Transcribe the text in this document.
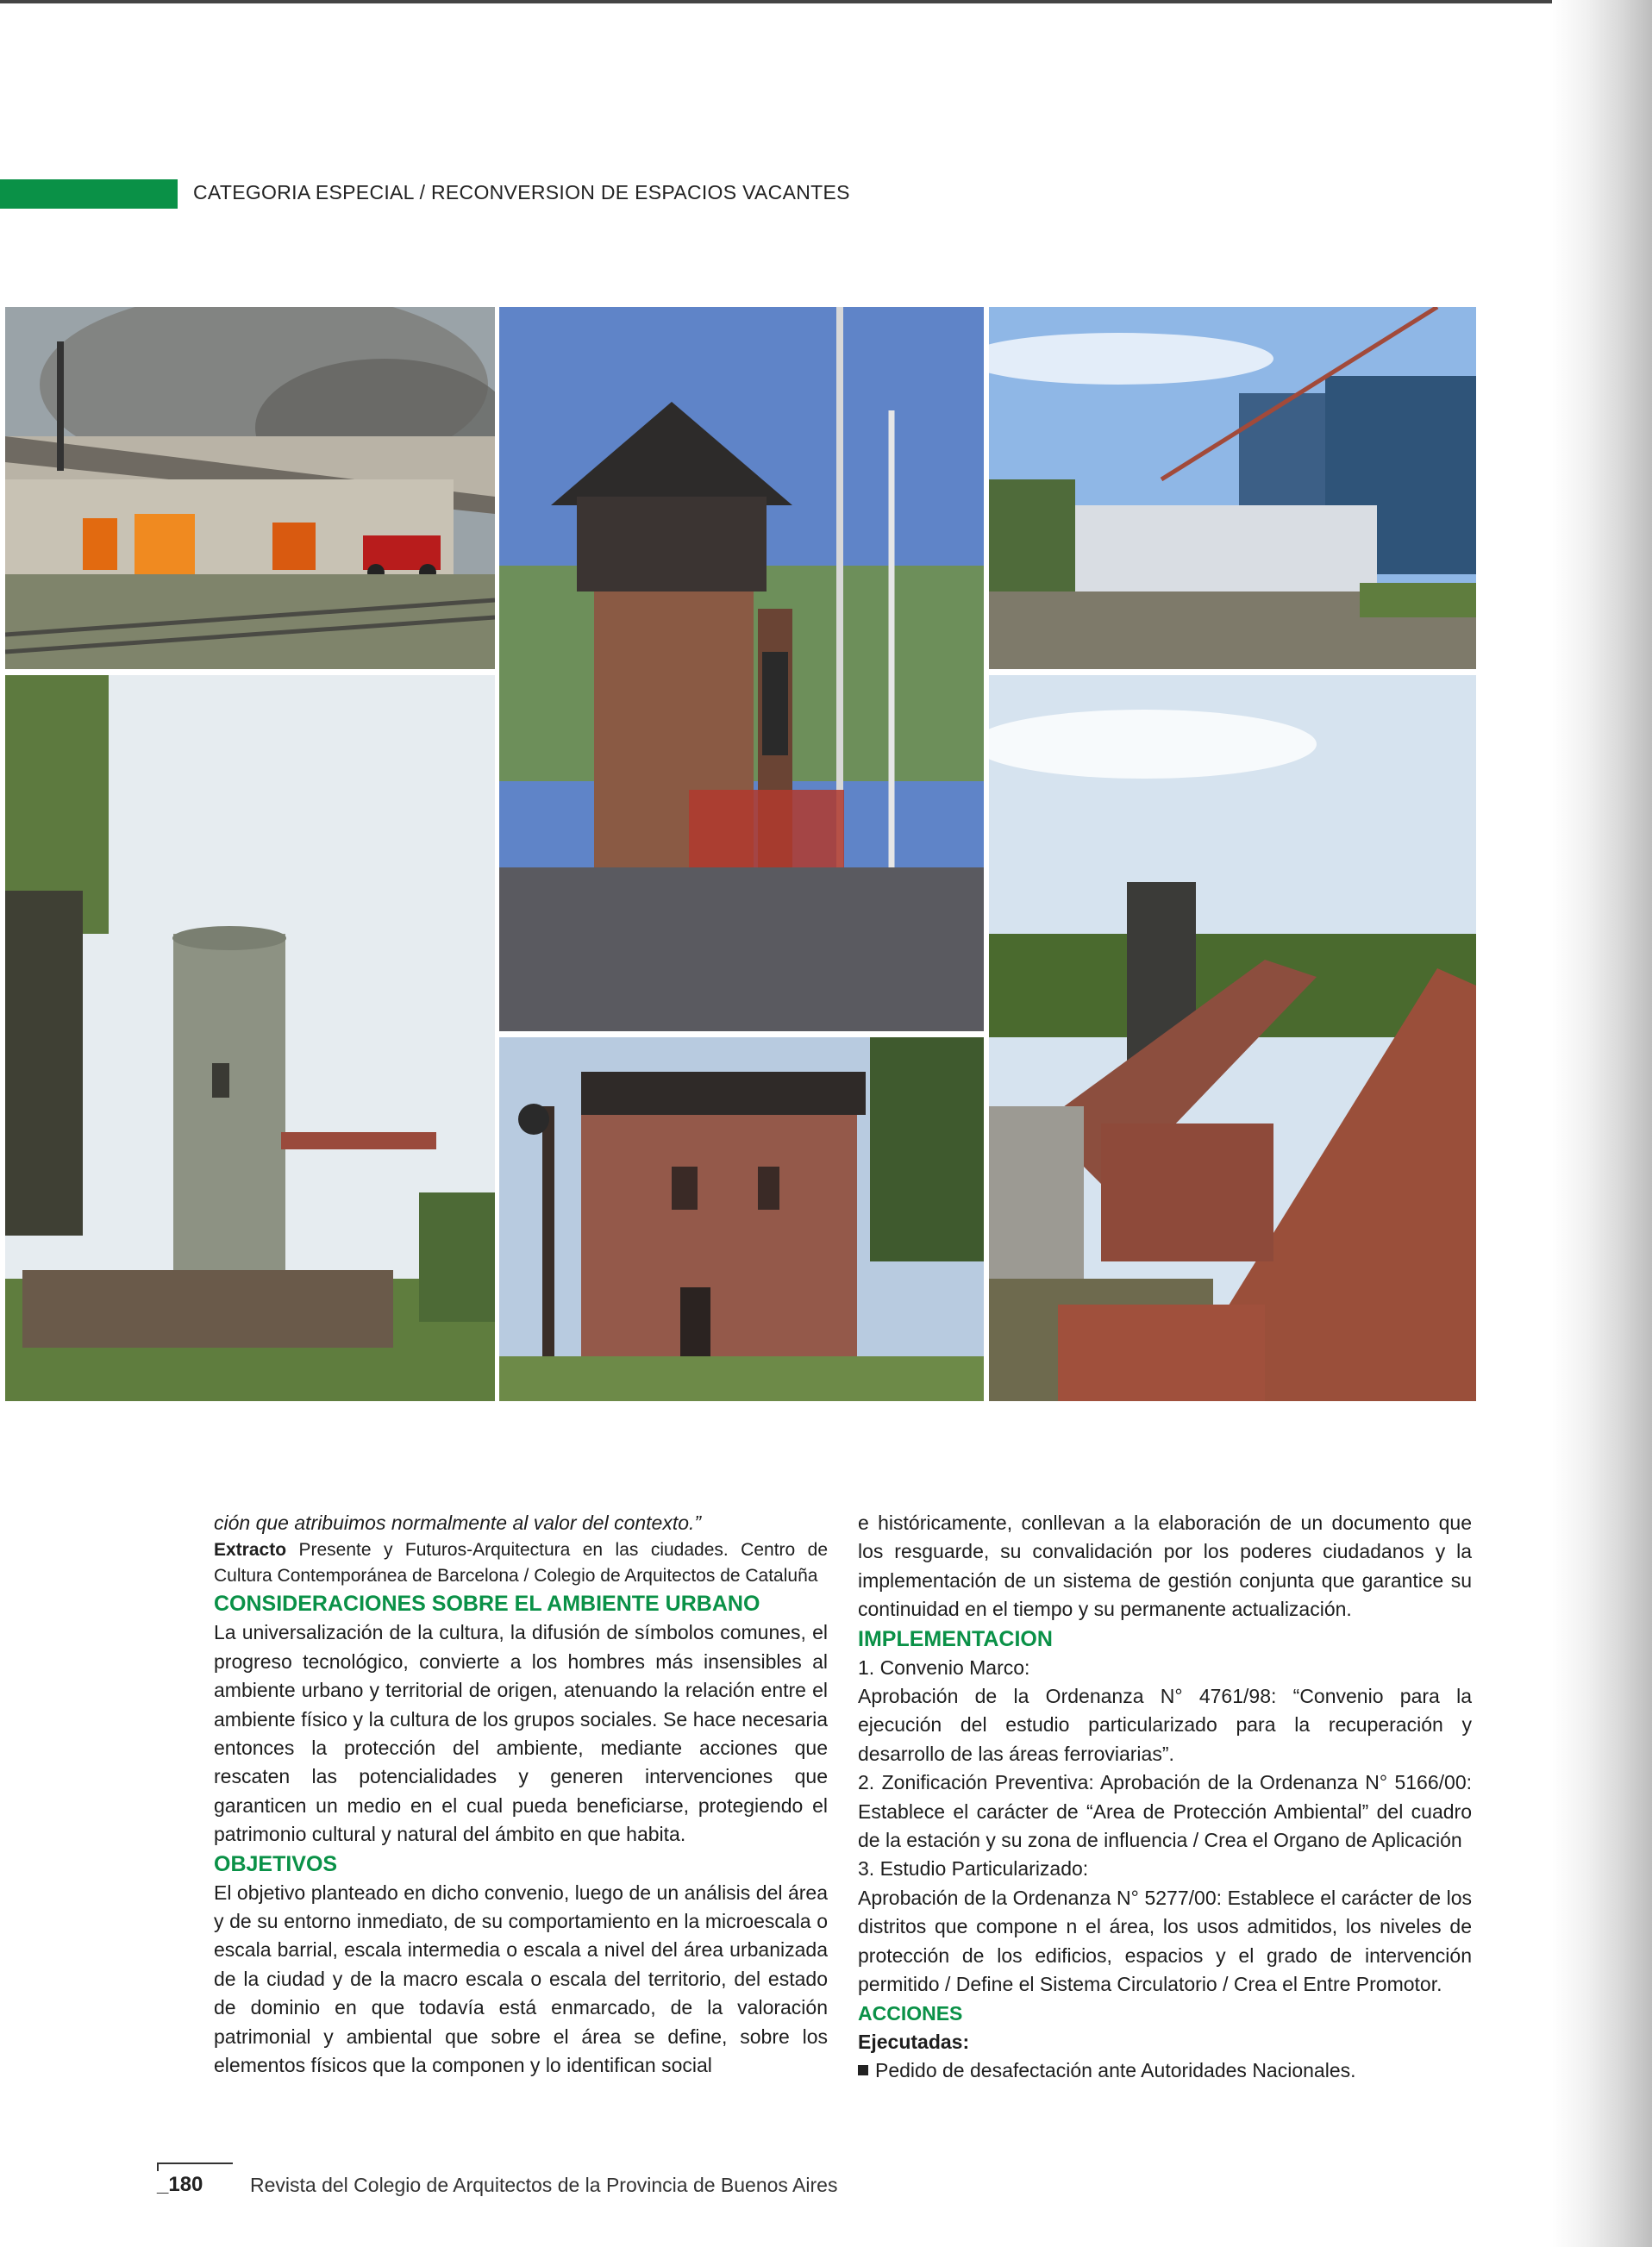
CATEGORIA ESPECIAL / RECONVERSION DE ESPACIOS VACANTES

ción que atribuimos normalmente al valor del contexto.”

Extracto Presente y Futuros-Arquitectura en las ciudades. Centro de Cultura Contemporánea de Barcelona / Colegio de Arquitectos de Cataluña

CONSIDERACIONES SOBRE EL AMBIENTE URBANO

La universalización de la cultura, la difusión de símbolos comunes, el progreso tecnológico, convierte a los hombres más insensibles al ambiente urbano y territorial de origen, atenuando la relación entre el ambiente físico y la cultura de los grupos sociales. Se hace necesaria entonces la protección del ambiente, mediante acciones que rescaten las potencialidades y generen intervenciones que garanticen un medio en el cual pueda beneficiarse, protegiendo el patrimonio cultural y natural del ámbito en que habita.

OBJETIVOS

El objetivo planteado en dicho convenio, luego de un análisis del área y de su entorno inmediato, de su comportamiento en la microescala o escala barrial, escala intermedia o escala a nivel del área urbanizada de la ciudad y de la macro escala o escala del territorio, del estado de dominio en que todavía está enmarcado, de la valoración patrimonial y ambiental que sobre el área se define, sobre los elementos físicos que la componen y lo identifican social

e históricamente, conllevan a la elaboración de un documento que los resguarde, su convalidación por los poderes ciudadanos y la implementación de un sistema de gestión conjunta que garantice su continuidad en el tiempo y su permanente actualización.

IMPLEMENTACION

1. Convenio Marco:

Aprobación de la Ordenanza N° 4761/98: “Convenio para la ejecución del estudio particularizado para la recuperación y desarrollo de las áreas ferroviarias”.

2. Zonificación Preventiva: Aprobación de la Ordenanza N° 5166/00: Establece el carácter de “Area de Protección Ambiental” del cuadro de la estación y su zona de influencia / Crea el Organo de Aplicación

3. Estudio Particularizado:

Aprobación de la Ordenanza N° 5277/00: Establece el carácter de los distritos que compone n el área, los usos admitidos, los niveles de protección de los edificios, espacios y el grado de intervención permitido / Define el Sistema Circulatorio / Crea el Entre Promotor.

ACCIONES

Ejecutadas:

Pedido de desafectación ante Autoridades Nacionales.

_180 Revista del Colegio de Arquitectos de la Provincia de Buenos Aires
